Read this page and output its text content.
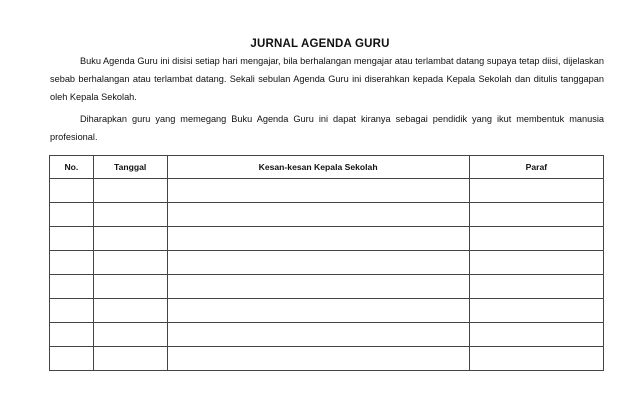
JURNAL AGENDA GURU

Buku Agenda Guru ini disisi setiap hari mengajar, bila berhalangan mengajar atau terlambat datang supaya tetap diisi, dijelaskan sebab berhalangan atau terlambat datang. Sekali sebulan Agenda Guru ini diserahkan kepada Kepala Sekolah dan ditulis tanggapan oleh Kepala Sekolah.

Diharapkan guru yang memegang Buku Agenda Guru ini dapat kiranya sebagai pendidik yang ikut membentuk manusia profesional.

No.	Tanggal	Kesan-kesan Kepala Sekolah	Paraf
